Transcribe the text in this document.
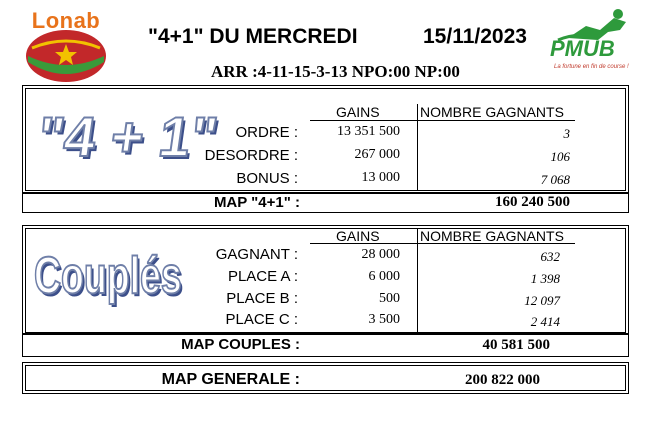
Lonab
PMUB
La fortune en fin de course !
"4+1" DU MERCREDI	15/11/2023
ARR :4-11-15-3-13 NPO:00 NP:00
"4 + 1"	GAINS	NOMBRE GAGNANTS
ORDRE :	13 351 500	3
DESORDRE :	267 000	106
BONUS :	13 000	7 068
MAP "4+1" :	160 240 500
Couplés
GAINS	NOMBRE GAGNANTS
GAGNANT :	28 000	632
PLACE A :	6 000	1 398
PLACE B :	500	12 097
PLACE C :	3 500	2 414
MAP COUPLES :	40 581 500
MAP GENERALE :	200 822 000
